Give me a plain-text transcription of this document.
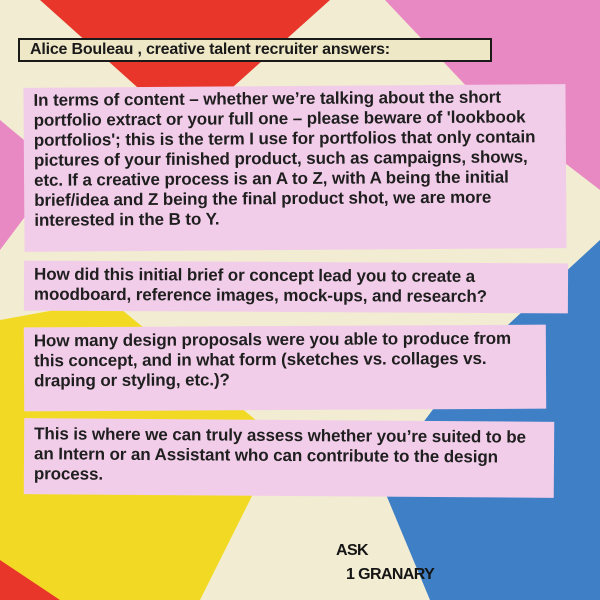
Alice Bouleau , creative talent recruiter answers:
In terms of content – whether we’re talking about the short portfolio extract or your full one – please beware of 'lookbook portfolios'; this is the term I use for portfolios that only contain pictures of your finished product, such as campaigns, shows, etc. If a creative process is an A to Z, with A being the initial brief/idea and Z being the final product shot, we are more interested in the B to Y.
How did this initial brief or concept lead you to create a moodboard, reference images, mock-ups, and research?
How many design proposals were you able to produce from this concept, and in what form (sketches vs. collages vs. draping or styling, etc.)?
This is where we can truly assess whether you’re suited to be an Intern or an Assistant who can contribute to the design process.
ASK
1 GRANARY
